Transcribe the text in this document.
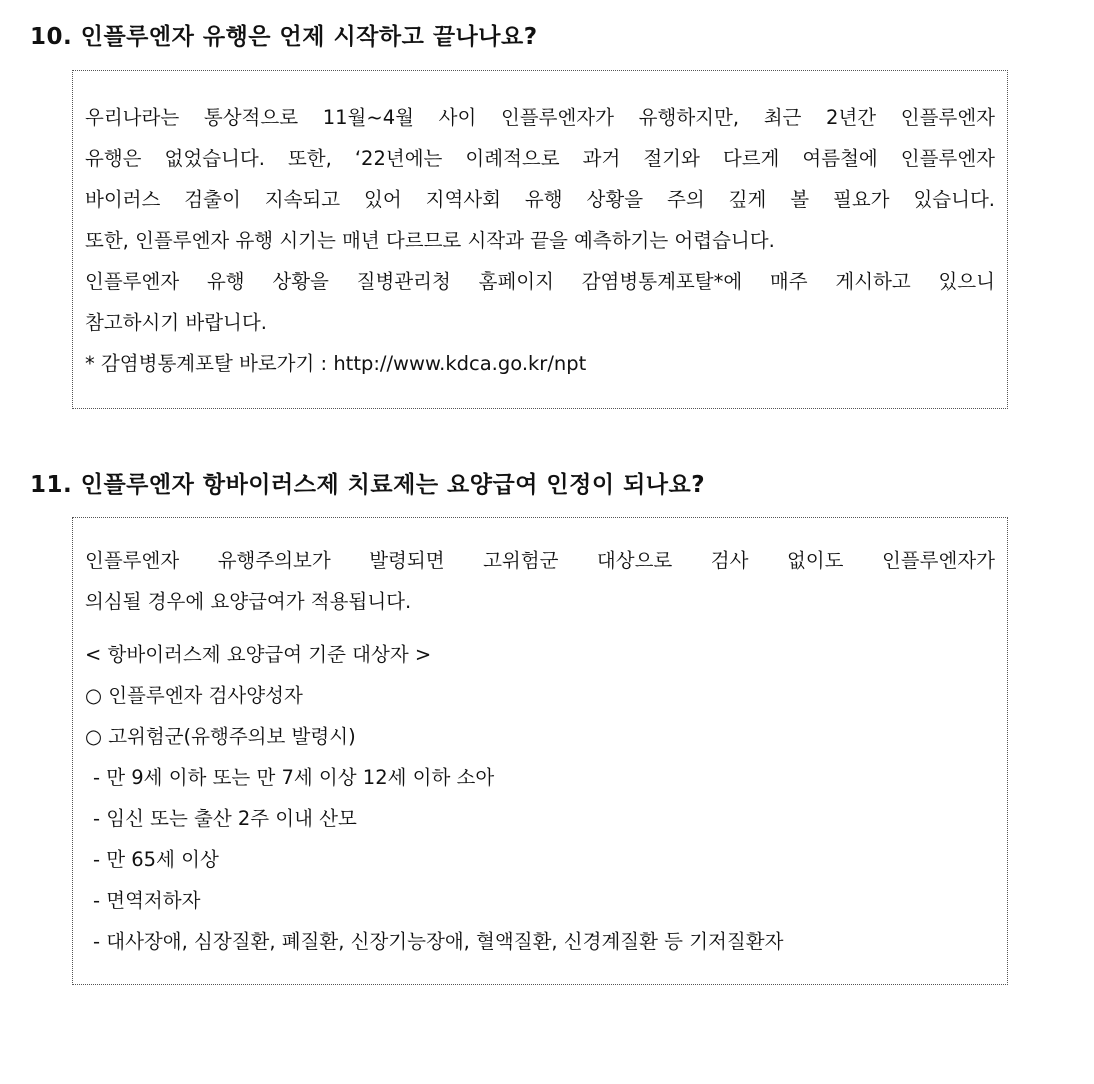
10. 인플루엔자 유행은 언제 시작하고 끝나나요?

우리나라는 통상적으로 11월~4월 사이 인플루엔자가 유행하지만, 최근 2년간 인플루엔자

유행은 없었습니다. 또한, ‘22년에는 이례적으로 과거 절기와 다르게 여름철에 인플루엔자

바이러스 검출이 지속되고 있어 지역사회 유행 상황을 주의 깊게 볼 필요가 있습니다.

또한, 인플루엔자 유행 시기는 매년 다르므로 시작과 끝을 예측하기는 어렵습니다.

인플루엔자 유행 상황을 질병관리청 홈페이지 감염병통계포탈*에 매주 게시하고 있으니

참고하시기 바랍니다.

* 감염병통계포탈 바로가기 : http://www.kdca.go.kr/npt

11. 인플루엔자 항바이러스제 치료제는 요양급여 인정이 되나요?

인플루엔자 유행주의보가 발령되면 고위험군 대상으로 검사 없이도 인플루엔자가

의심될 경우에 요양급여가 적용됩니다.

< 항바이러스제 요양급여 기준 대상자 >

○ 인플루엔자 검사양성자

○ 고위험군(유행주의보 발령시)

- 만 9세 이하 또는 만 7세 이상 12세 이하 소아

- 임신 또는 출산 2주 이내 산모

- 만 65세 이상

- 면역저하자

- 대사장애, 심장질환, 폐질환, 신장기능장애, 혈액질환, 신경계질환 등 기저질환자
